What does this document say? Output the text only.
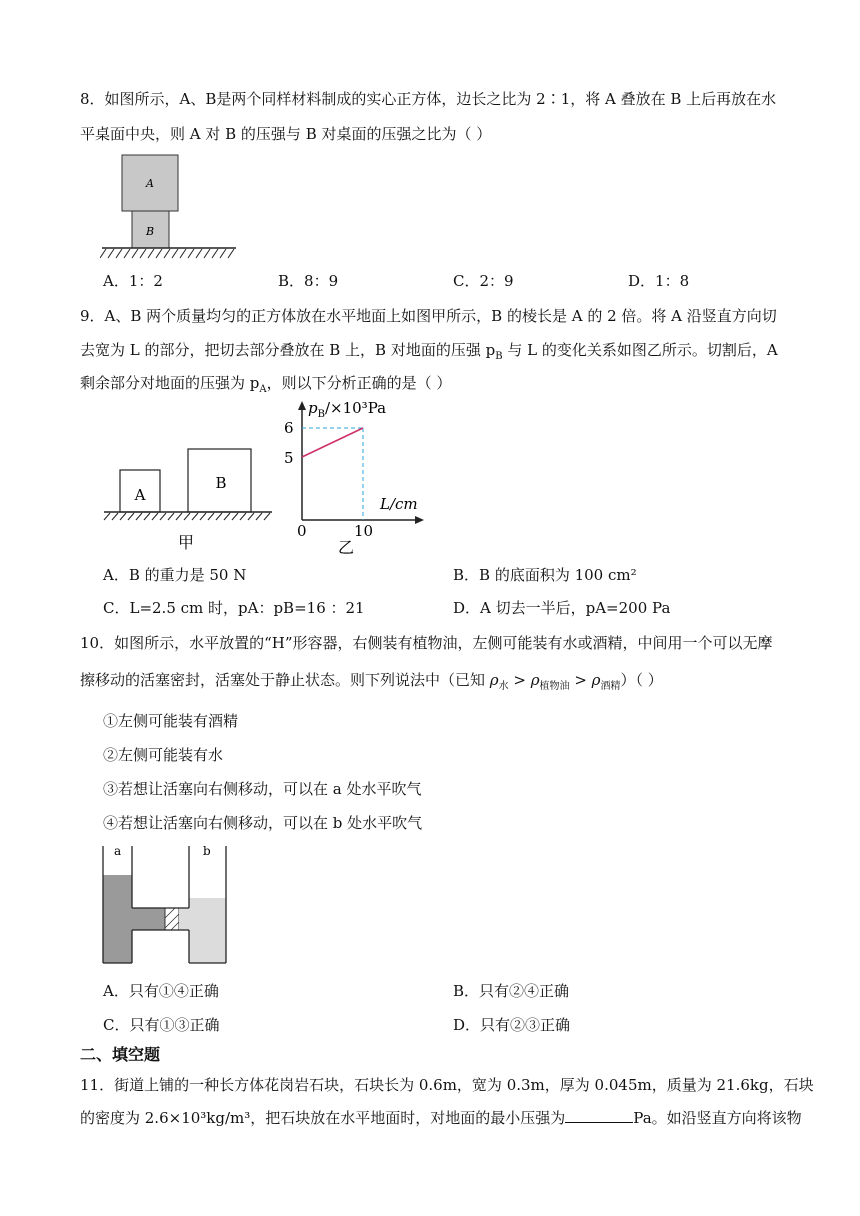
8．如图所示，A、B是两个同样材料制成的实心正方体，边长之比为 2∶1，将 A 叠放在 B 上后再放在水
平桌面中央，则 A 对 B 的压强与 B 对桌面的压强之比为（ ）
A
B
A．1：2	B．8：9	C．2：9	D．1：8
9．A、B 两个质量均匀的正方体放在水平地面上如图甲所示，B 的棱长是 A 的 2 倍。将 A 沿竖直方向切
去宽为 L 的部分，把切去部分叠放在 B 上，B 对地面的压强 $p_B$ 与 L 的变化关系如图乙所示。切割后，A
剩余部分对地面的压强为 $p_A$，则以下分析正确的是（ ）
A
B
甲
$p_B/\times 10^3Pa$
6
5
0	10
L/cm
乙
A．B 的重力是 50 N	B．B 的底面积为 100 cm²
C．L=2.5 cm 时，pA：pB=16 ：21	D．A 切去一半后，pA=200 Pa
10．如图所示，水平放置的“H”形容器，右侧装有植物油，左侧可能装有水或酒精，中间用一个可以无摩
擦移动的活塞密封，活塞处于静止状态。则下列说法中（已知 $\rho_水 > \rho_{植物油} > \rho_{酒精}$）（ ）
①左侧可能装有酒精
②左侧可能装有水
③若想让活塞向右侧移动，可以在 a 处水平吹气
④若想让活塞向右侧移动，可以在 b 处水平吹气
a	b
A．只有①④正确	B．只有②④正确
C．只有①③正确	D．只有②③正确
二、填空题
11．街道上铺的一种长方体花岗岩石块，石块长为 0.6m，宽为 0.3m，厚为 0.045m，质量为 21.6kg，石块
的密度为 2.6×10³kg/m³，把石块放在水平地面时，对地面的最小压强为	Pa。如沿竖直方向将该物
